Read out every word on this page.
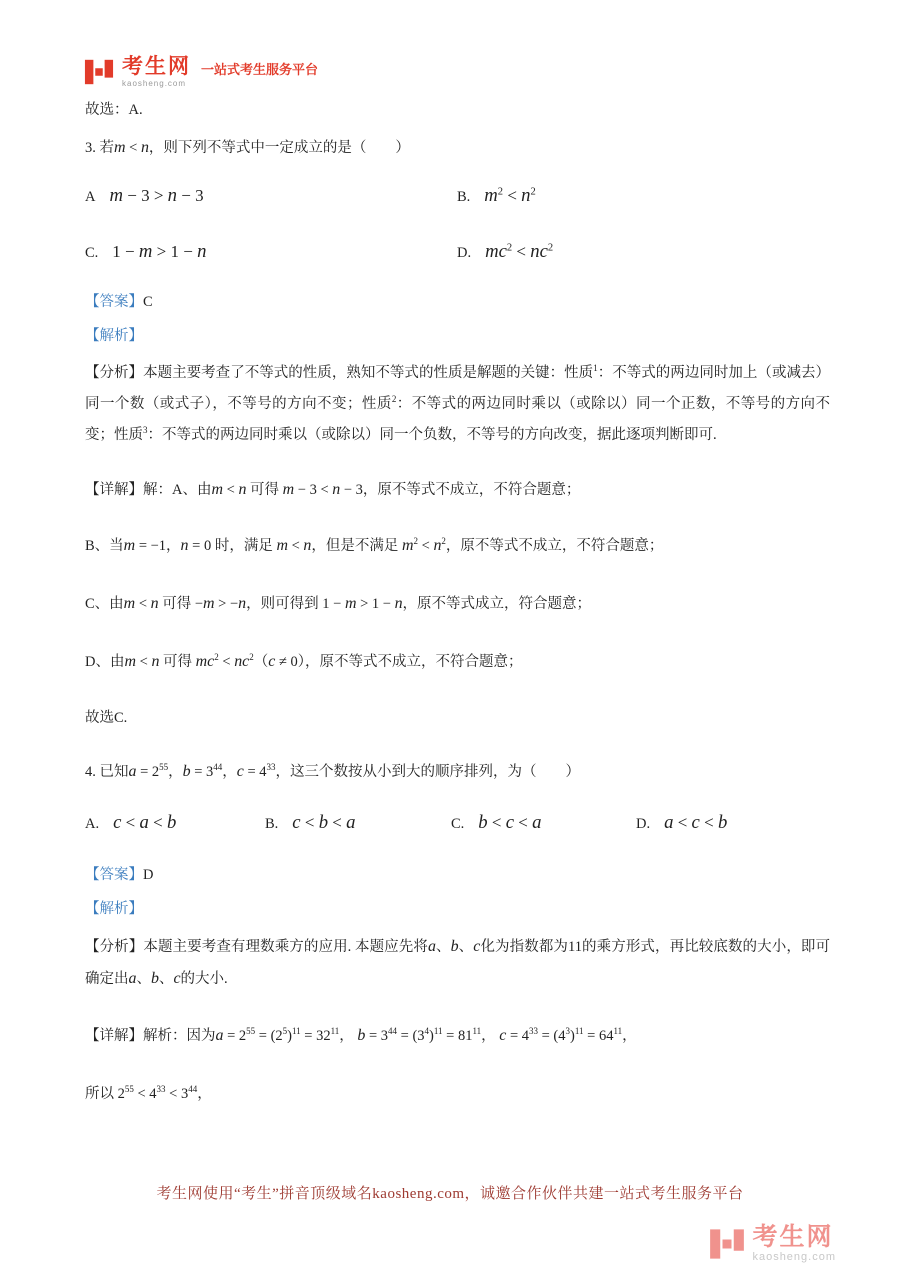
考生网
kaosheng.com
一站式考生服务平台

故选：A.

3. 若m < n，则下列不等式中一定成立的是（  ）

A m − 3 > n − 3	B. $m^2 < n^2$
C. 1 − m > 1 − n	D. $mc^2 < nc^2$

【答案】C

【解析】

【分析】本题主要考查了不等式的性质，熟知不等式的性质是解题的关键：性质$^1$：不等式的两边同时加上（或减去）同一个数（或式子），不等号的方向不变；性质$^2$：不等式的两边同时乘以（或除以）同一个正数，不等号的方向不变；性质$^3$：不等式的两边同时乘以（或除以）同一个负数，不等号的方向改变，据此逐项判断即可.

【详解】解：A、由m < n 可得 m − 3 < n − 3，原不等式不成立，不符合题意；

B、当m = −1，n = 0 时，满足 m < n，但是不满足 $m^2 < n^2$，原不等式不成立，不符合题意；

C、由m < n 可得 −m > −n，则可得到 1 − m > 1 − n，原不等式成立，符合题意；

D、由m < n 可得 $mc^2 < nc^2(c \ne 0)$，原不等式不成立，不符合题意；

故选C.

4. 已知$a = 2^{55}$，$b = 3^{44}$，$c = 4^{33}$，这三个数按从小到大的顺序排列，为（  ）

A. c < a < b	B. c < b < a	C. b < c < a	D. a < c < b

【答案】D

【解析】

【分析】本题主要考查有理数乘方的应用. 本题应先将a、b、c化为指数都为11的乘方形式，再比较底数的大小，即可确定出a、b、c的大小.

【详解】解析：因为$a = 2^{55} = (2^5)^{11} = 32^{11}$， $b = 3^{44} = (3^4)^{11} = 81^{11}$， $c = 4^{33} = (4^3)^{11} = 64^{11}$，

所以 $2^{55} < 4^{33} < 3^{44}$，

考生网使用“考生”拼音顶级域名kaosheng.com，诚邀合作伙伴共建一站式考生服务平台
考生网
kaosheng.com
